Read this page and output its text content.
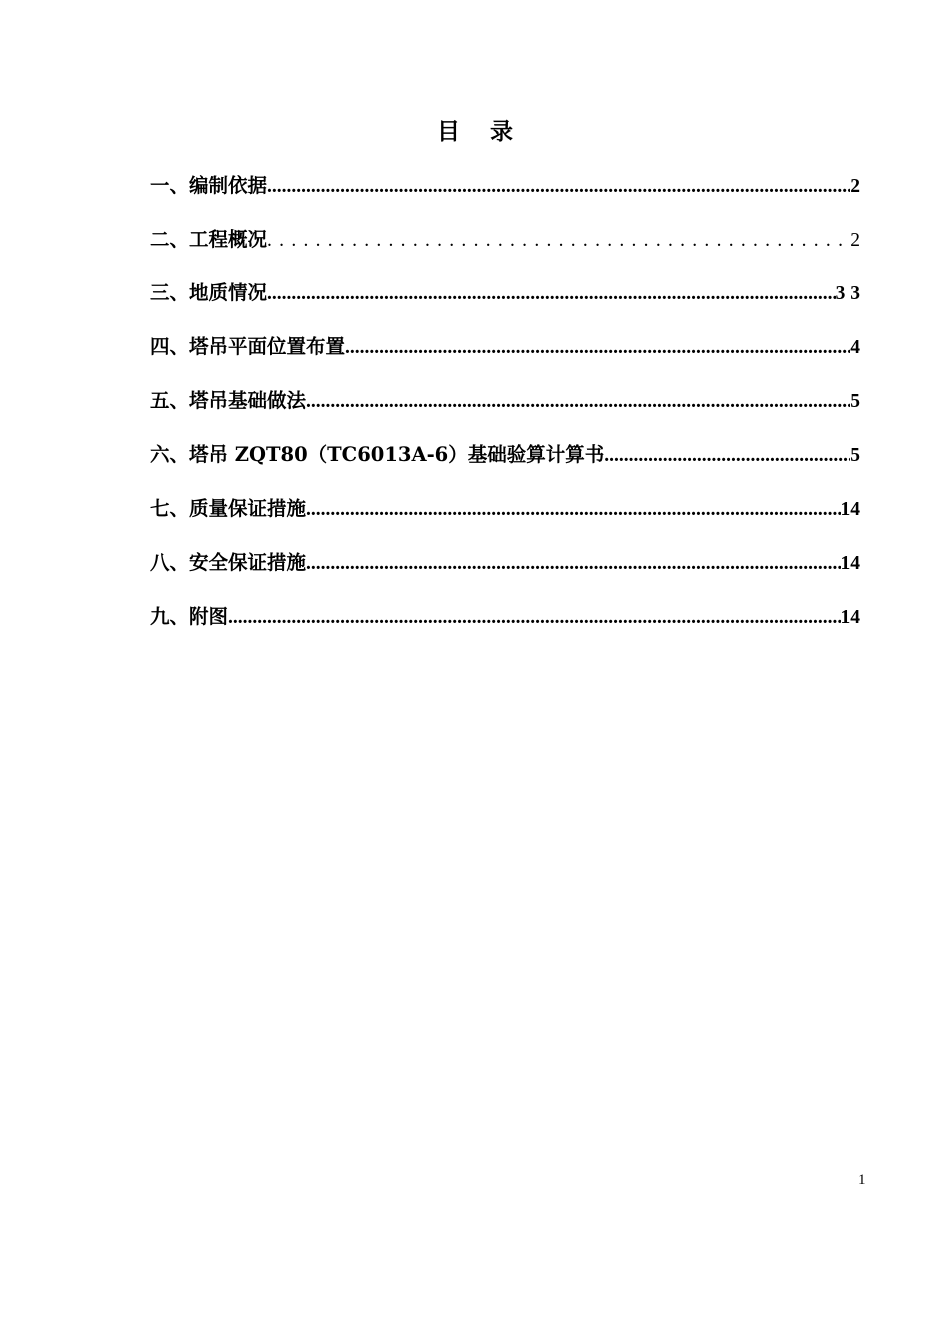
目 录
一、编制依据 .....	2
二、工程概况 . . .	2
三、地质情况 .....	3 3
四、塔吊平面位置布置 .....	4
五、塔吊基础做法 .....	5
六、塔吊 ZQT80（TC6013A-6）基础验算计算书 .....	5
七、质量保证措施 .....	14
八、安全保证措施 .....	14
九、附图 .....	14
1
